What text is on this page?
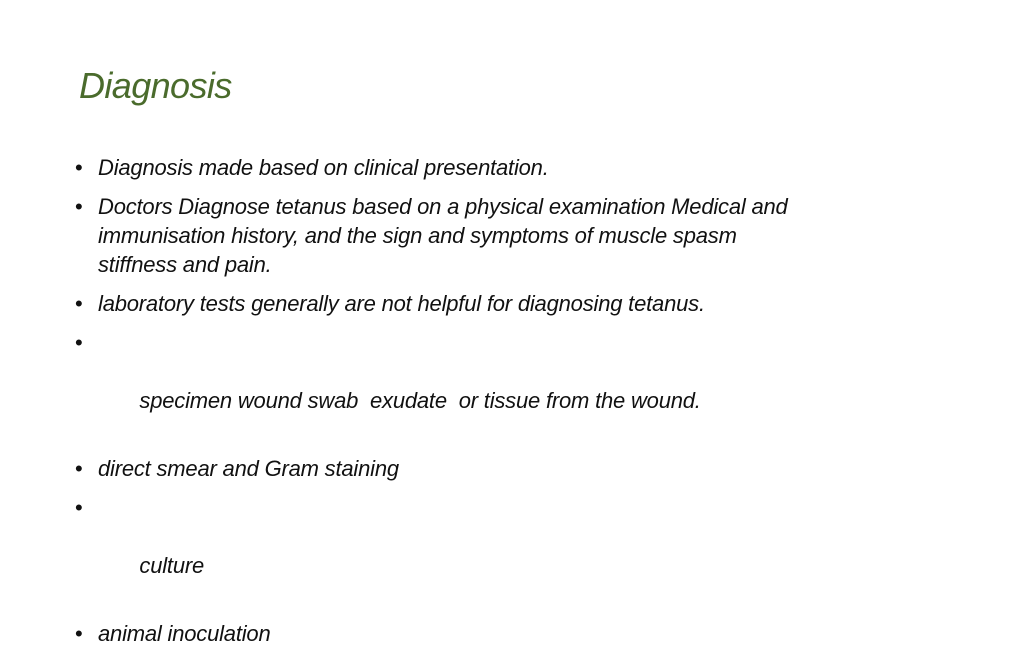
Diagnosis
• Diagnosis made based on clinical presentation.
• Doctors Diagnose tetanus based on a physical examination Medical and immunisation history, and the sign and symptoms of muscle spasm stiffness and pain.
• laboratory tests generally are not helpful for diagnosing tetanus.

•

specimen wound swab  exudate  or tissue from the wound.

• direct smear and Gram staining

•

culture

• animal inoculation
